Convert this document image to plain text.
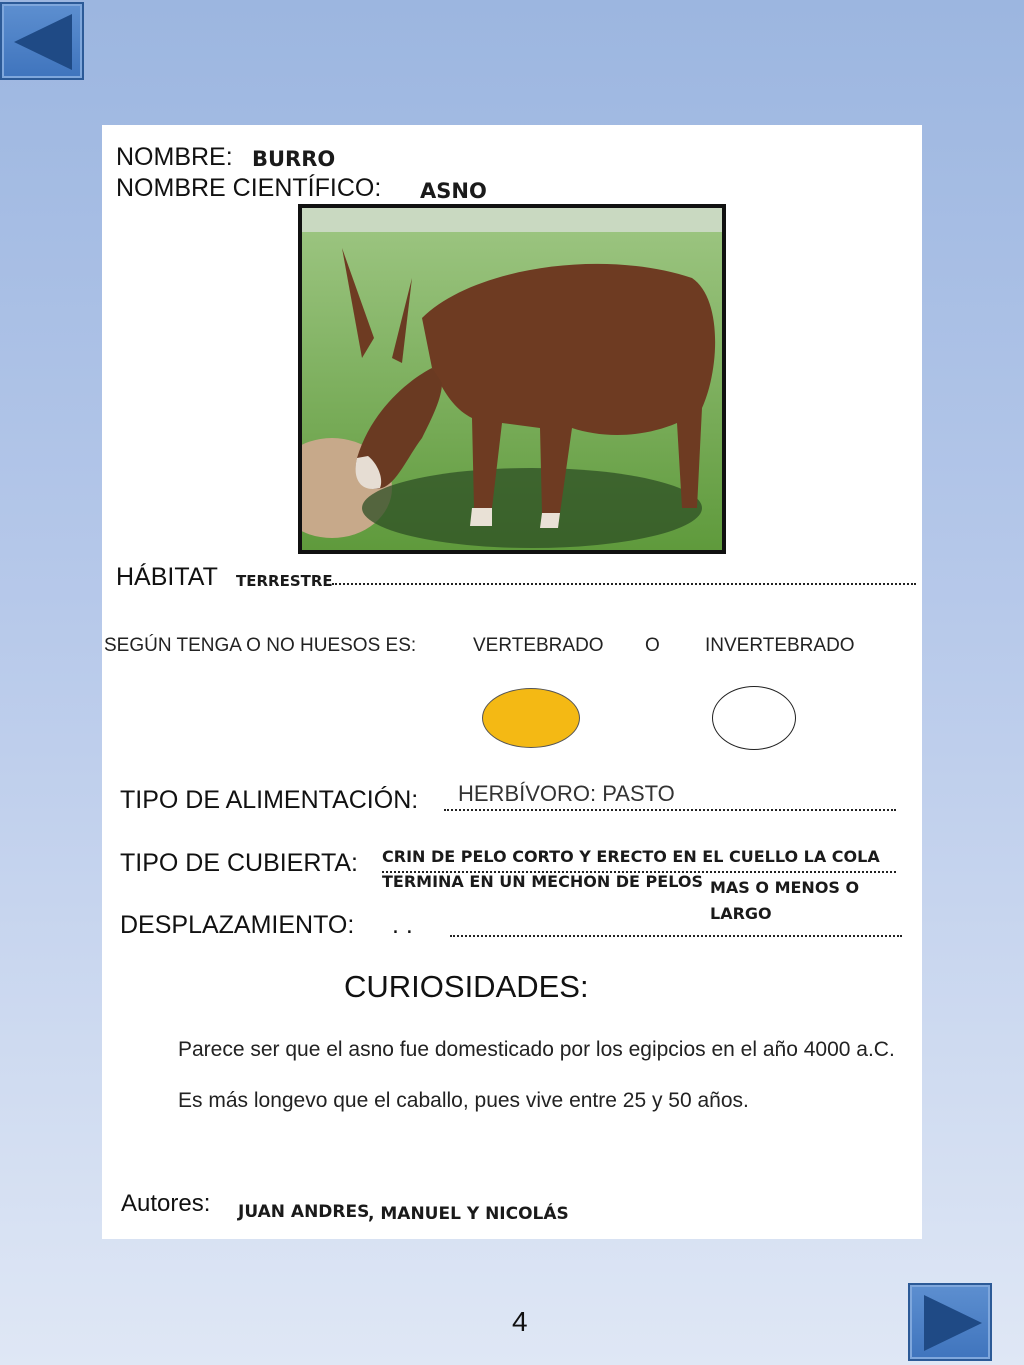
NOMBRE: BURRO
NOMBRE CIENTÍFICO: ASNO
HÁBITAT TERRESTRE
SEGÚN TENGA O NO HUESOS ES:	VERTEBRADO O INVERTEBRADO
TIPO DE ALIMENTACIÓN: HERBÍVORO: PASTO
TIPO DE CUBIERTA: CRIN DE PELO CORTO Y ERECTO EN EL CUELLO LA COLA
TERMINA EN UN MECHON DE PELOS MAS O MENOS O
LARGO
DESPLAZAMIENTO: . .
CURIOSIDADES:
Parece ser que el asno fue domesticado por los egipcios en el año 4000 a.C.
Es más longevo que el caballo, pues vive entre 25 y 50 años.
Autores: JUAN ANDRES
, MANUEL Y NICOLÁS
4
